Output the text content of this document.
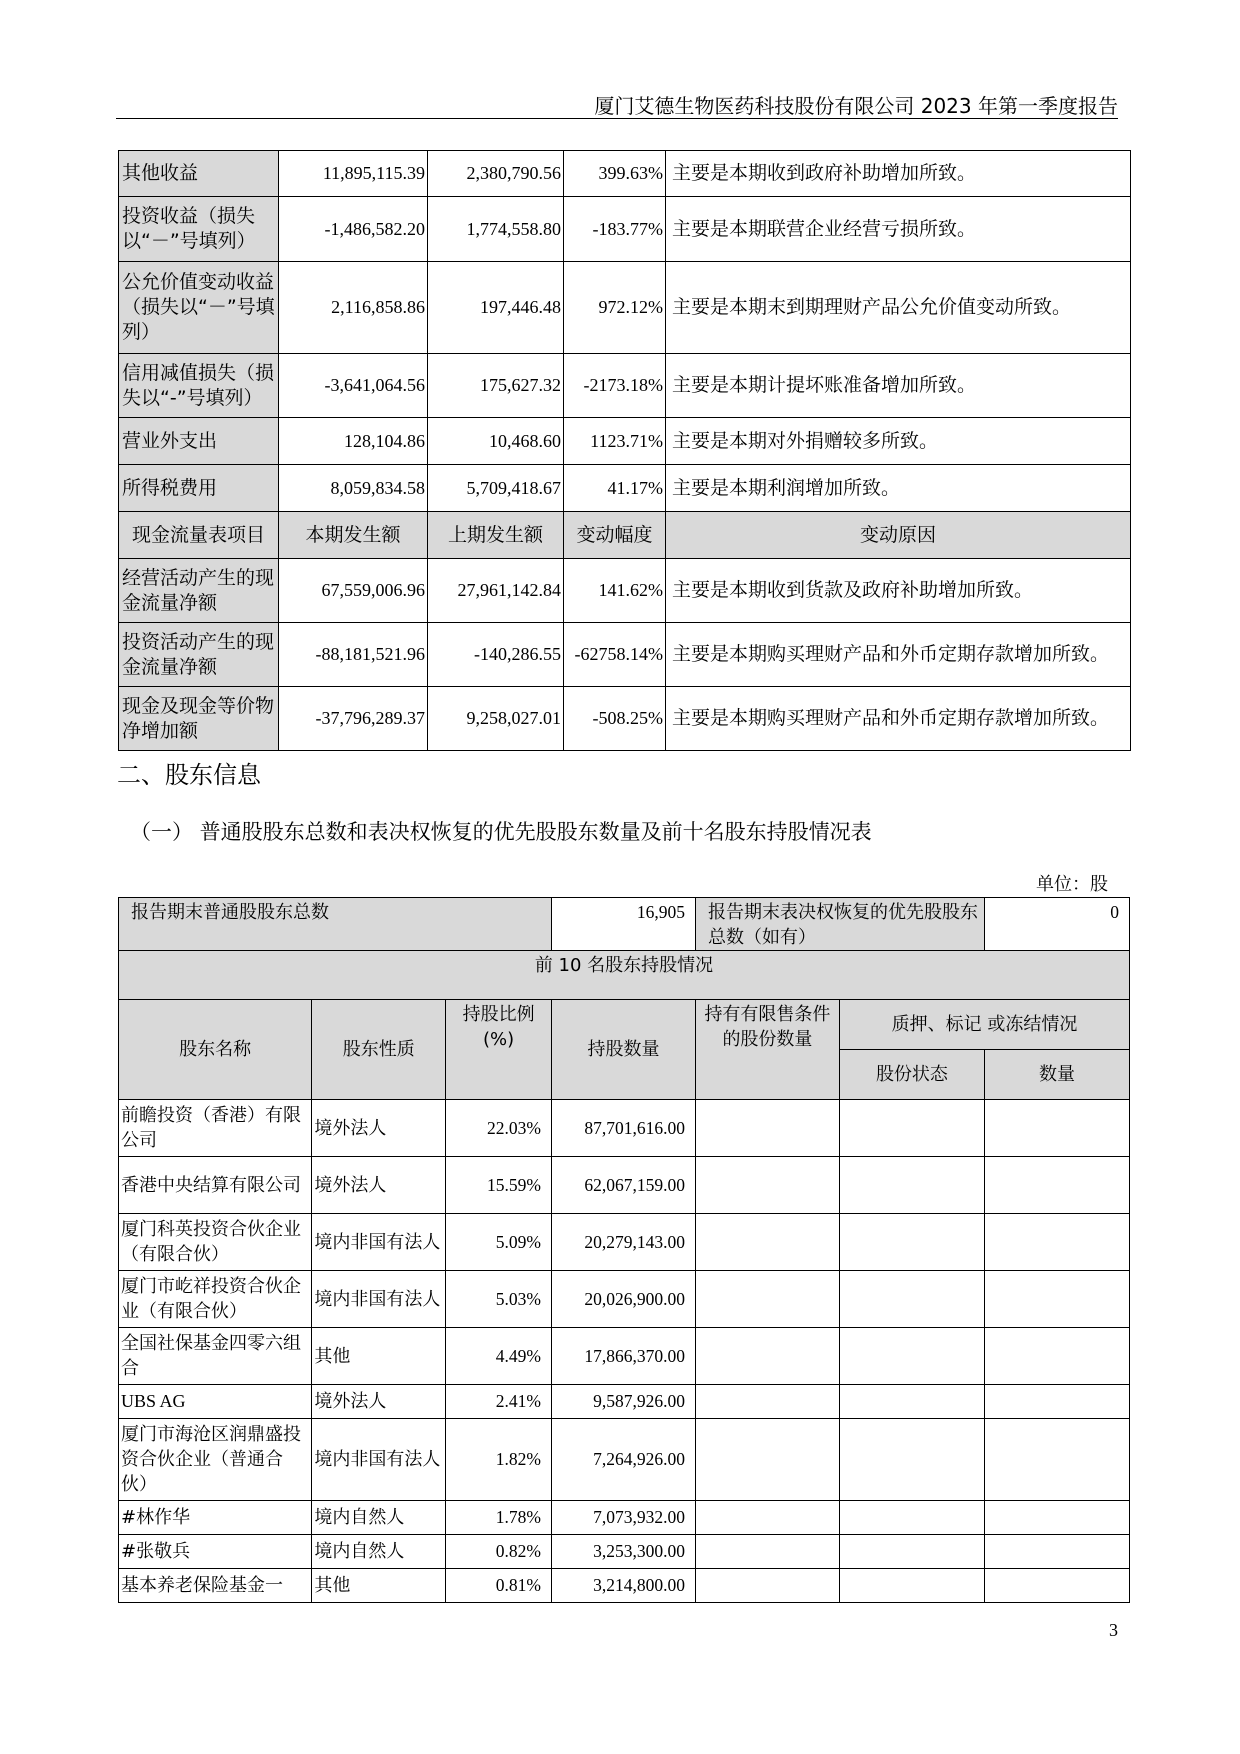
厦门艾德生物医药科技股份有限公司 2023 年第一季度报告
其他收益	11,895,115.39	2,380,790.56	399.63%	主要是本期收到政府补助增加所致。
投资收益（损失以“－”号填列）	-1,486,582.20	1,774,558.80	-183.77%	主要是本期联营企业经营亏损所致。
公允价值变动收益（损失以“－”号填列）	2,116,858.86	197,446.48	972.12%	主要是本期末到期理财产品公允价值变动所致。
信用减值损失（损失以“-”号填列）	-3,641,064.56	175,627.32	-2173.18%	主要是本期计提坏账准备增加所致。
营业外支出	128,104.86	10,468.60	1123.71%	主要是本期对外捐赠较多所致。
所得税费用	8,059,834.58	5,709,418.67	41.17%	主要是本期利润增加所致。
现金流量表项目	本期发生额	上期发生额	变动幅度	变动原因
经营活动产生的现金流量净额	67,559,006.96	27,961,142.84	141.62%	主要是本期收到货款及政府补助增加所致。
投资活动产生的现金流量净额	-88,181,521.96	-140,286.55	-62758.14%	主要是本期购买理财产品和外币定期存款增加所致。
现金及现金等价物净增加额	-37,796,289.37	9,258,027.01	-508.25%	主要是本期购买理财产品和外币定期存款增加所致。
二、股东信息
（一） 普通股股东总数和表决权恢复的优先股股东数量及前十名股东持股情况表
单位：股
报告期末普通股股东总数			16,905	报告期末表决权恢复的优先股股东总数（如有）		0
前 10 名股东持股情况						
股东名称	股东性质	持股比例(%)	持股数量	持有有限售条件的股份数量	质押、标记 或冻结情况	
					股份状态	数量
前瞻投资（香港）有限公司	境外法人	22.03%	87,701,616.00			
香港中央结算有限公司	境外法人	15.59%	62,067,159.00			
厦门科英投资合伙企业（有限合伙）	境内非国有法人	5.09%	20,279,143.00			
厦门市屹祥投资合伙企业（有限合伙）	境内非国有法人	5.03%	20,026,900.00			
全国社保基金四零六组合	其他	4.49%	17,866,370.00			
UBS AG	境外法人	2.41%	9,587,926.00			
厦门市海沧区润鼎盛投资合伙企业（普通合伙）	境内非国有法人	1.82%	7,264,926.00			
#林作华	境内自然人	1.78%	7,073,932.00			
#张敬兵	境内自然人	0.82%	3,253,300.00			
基本养老保险基金一	其他	0.81%	3,214,800.00			
3
